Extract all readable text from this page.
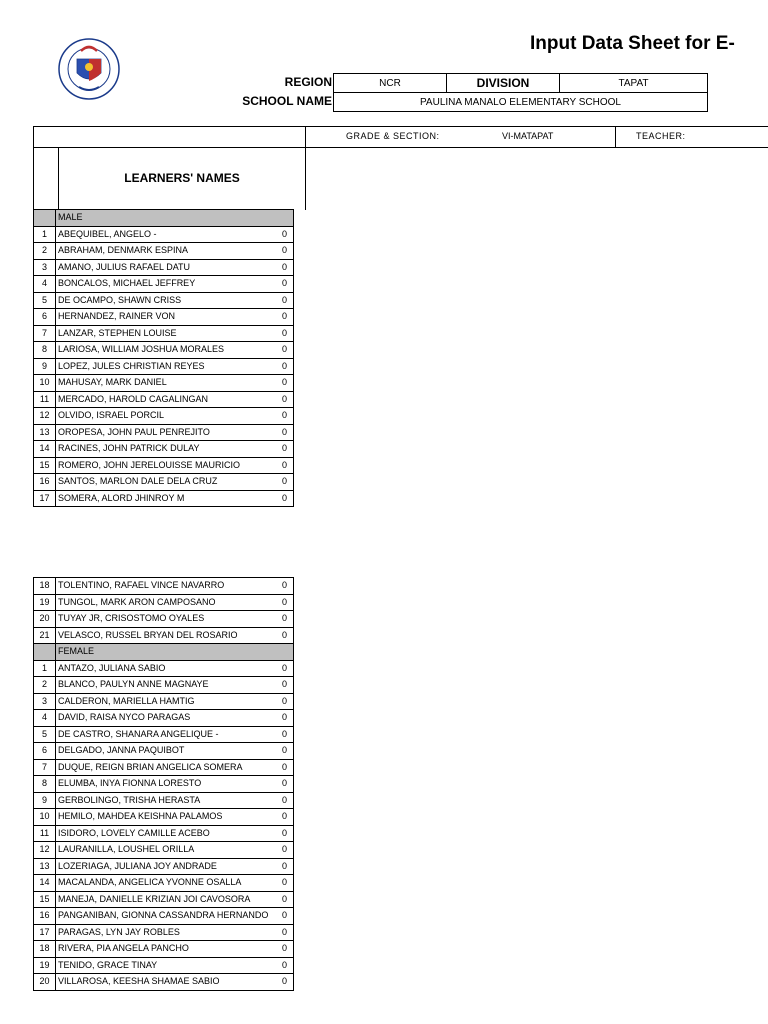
Input Data Sheet for E-
REGION	NCR	DIVISION	TAPAT
SCHOOL NAME	PAULINA MANALO ELEMENTARY SCHOOL
GRADE & SECTION:	VI-MATAPAT	TEACHER:
LEARNERS' NAMES
	MALE	
1	ABEQUIBEL, ANGELO -	0
2	ABRAHAM, DENMARK ESPINA	0
3	AMANO, JULIUS RAFAEL DATU	0
4	BONCALOS, MICHAEL JEFFREY	0
5	DE OCAMPO, SHAWN CRISS	0
6	HERNANDEZ, RAINER VON	0
7	LANZAR, STEPHEN LOUISE	0
8	LARIOSA, WILLIAM JOSHUA MORALES	0
9	LOPEZ, JULES CHRISTIAN REYES	0
10	MAHUSAY, MARK DANIEL	0
11	MERCADO, HAROLD CAGALINGAN	0
12	OLVIDO, ISRAEL PORCIL	0
13	OROPESA, JOHN PAUL PENREJITO	0
14	RACINES, JOHN PATRICK DULAY	0
15	ROMERO, JOHN JERELOUISSE MAURICIO	0
16	SANTOS, MARLON DALE DELA CRUZ	0
17	SOMERA, ALORD JHINROY M	0
18	TOLENTINO, RAFAEL VINCE NAVARRO	0
19	TUNGOL, MARK ARON CAMPOSANO	0
20	TUYAY JR, CRISOSTOMO OYALES	0
21	VELASCO, RUSSEL BRYAN DEL ROSARIO	0
	FEMALE	
1	ANTAZO, JULIANA SABIO	0
2	BLANCO, PAULYN ANNE MAGNAYE	0
3	CALDERON, MARIELLA HAMTIG	0
4	DAVID, RAISA NYCO PARAGAS	0
5	DE CASTRO, SHANARA ANGELIQUE -	0
6	DELGADO, JANNA PAQUIBOT	0
7	DUQUE, REIGN BRIAN ANGELICA SOMERA	0
8	ELUMBA, INYA FIONNA LORESTO	0
9	GERBOLINGO, TRISHA HERASTA	0
10	HEMILO, MAHDEA KEISHNA PALAMOS	0
11	ISIDORO, LOVELY CAMILLE ACEBO	0
12	LAURANILLA, LOUSHEL ORILLA	0
13	LOZERIAGA, JULIANA JOY ANDRADE	0
14	MACALANDA, ANGELICA YVONNE OSALLA	0
15	MANEJA, DANIELLE KRIZIAN JOI CAVOSORA	0
16	PANGANIBAN, GIONNA CASSANDRA HERNANDO	0
17	PARAGAS, LYN JAY ROBLES	0
18	RIVERA, PIA ANGELA PANCHO	0
19	TENIDO, GRACE TINAY	0
20	VILLAROSA, KEESHA SHAMAE SABIO	0
